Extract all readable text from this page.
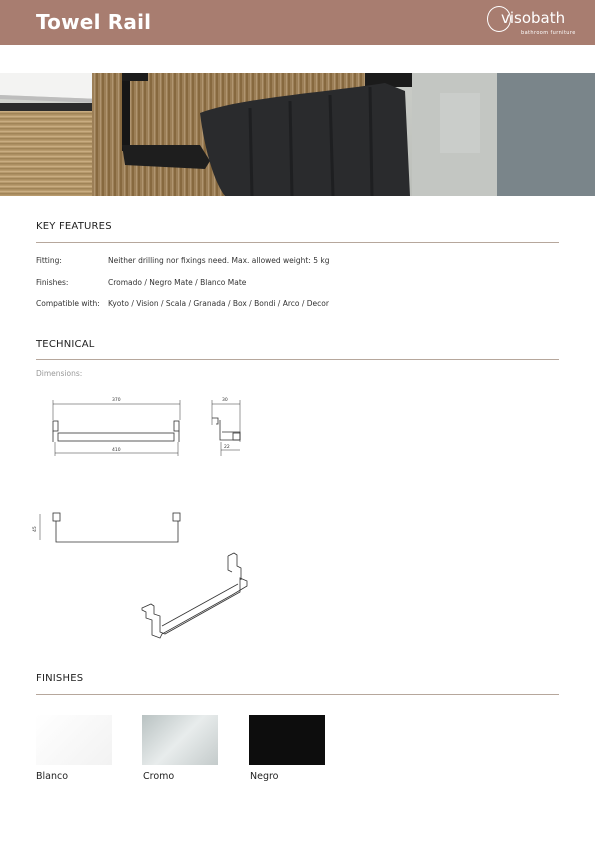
Towel Rail	visobath
bathroom furniture
KEY FEATURES
Fitting:	Neither drilling nor fixings need. Max. allowed weight: 5 kg
Finishes:	Cromado / Negro Mate / Blanco Mate
Compatible with: Kyoto / Vision / Scala / Granada / Box / Bondi / Arco / Decor
TECHNICAL
Dimensions:
370
410
30
22
45
FINISHES
Blanco	Cromo	Negro
